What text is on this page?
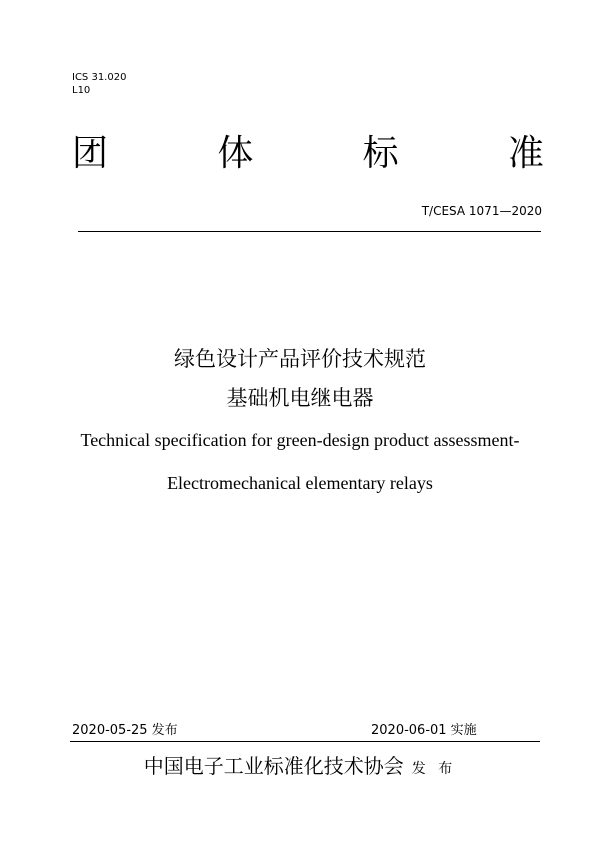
ICS 31.020
L10
团	体	标	准
T/CESA 1071—2020
绿色设计产品评价技术规范
基础机电继电器
Technical specification for green-design product assessment-
Electromechanical elementary relays
2020-05-25 发布	2020-06-01 实施
中国电子工业标准化技术协会 发 布
